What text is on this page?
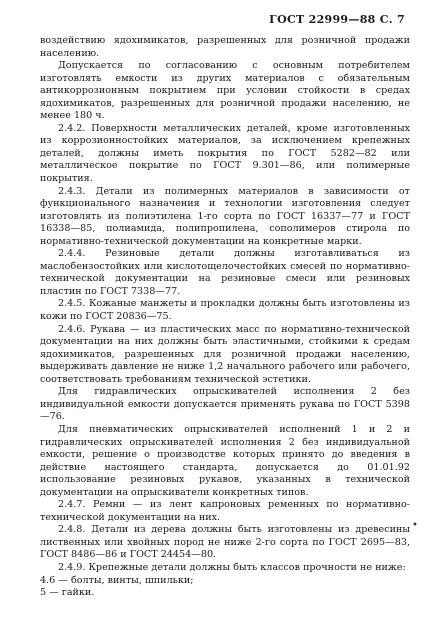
ГОСТ 22999—88 С. 7

воздействию ядохимикатов, разрешенных для розничной продажи населению.

Допускается по согласованию с основным потребителем изготовлять емкости из других материалов с обязательным антикоррозионным покрытием при условии стойкости в средах ядохимикатов, разрешенных для розничной продажи населению, не менее 180 ч.

2.4.2. Поверхности металлических деталей, кроме изготовленных из коррозионностойких материалов, за исключением крепежных деталей, должны иметь покрытия по ГОСТ 5282—82 или металлическое покрытие по ГОСТ 9.301—86, или полимерные покрытия.

2.4.3. Детали из полимерных материалов в зависимости от функционального назначения и технологии изготовления следует изготовлять из полиэтилена 1-го сорта по ГОСТ 16337—77 и ГОСТ 16338—85, полиамида, полипропилена, сополимеров стирола по нормативно-технической документации на конкретные марки.

2.4.4. Резиновые детали должны изготавливаться из маслобензостойких или кислотощелочестойких смесей по нормативно-технической документации на резиновые смеси или резиновых пластин по ГОСТ 7338—77.

2.4.5. Кожаные манжеты и прокладки должны быть изготовлены из кожи по ГОСТ 20836—75.

2.4.6. Рукава — из пластических масс по нормативно-технической документации на них должны быть эластичными, стойкими к средам ядохимикатов, разрешенных для розничной продажи населению, выдерживать давление не ниже 1,2 начального рабочего или рабочего, соответствовать требованиям технической эстетики.

Для гидравлических опрыскивателей исполнения 2 без индивидуальной емкости допускается применять рукава по ГОСТ 5398—76.

Для пневматических опрыскивателей исполнений 1 и 2 и гидравлических опрыскивателей исполнения 2 без индивидуальной емкости, решение о производстве которых принято до введения в действие настоящего стандарта, допускается до 01.01.92 использование резиновых рукавов, указанных в технической документации на опрыскиватели конкретных типов.

2.4.7. Ремни — из лент капроновых ременных по нормативно-технической документации на них.

2.4.8. Детали из дерева должны быть изготовлены из древесины лиственных или хвойных пород не ниже 2-го сорта по ГОСТ 2695—83, ГОСТ 8486—86 и ГОСТ 24454—80.

2.4.9. Крепежные детали должны быть классов прочности не ниже:

4.6 — болты, винты, шпильки;

5 — гайки.

•
